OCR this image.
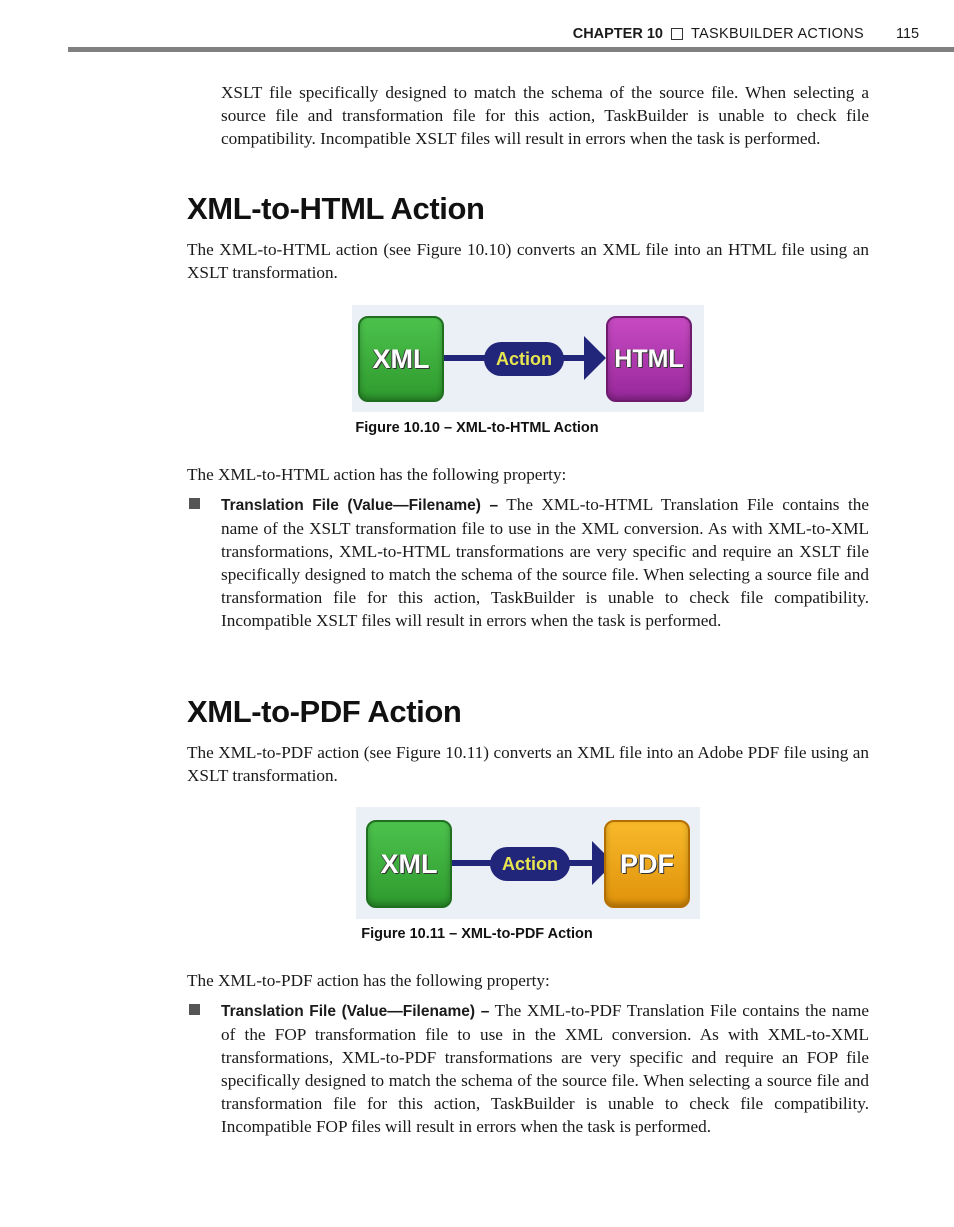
CHAPTER 10 TASKBUILDER ACTIONS 115

XSLT file specifically designed to match the schema of the source file. When selecting a source file and transformation file for this action, TaskBuilder is unable to check file compatibility. Incompatible XSLT files will result in errors when the task is performed.

XML-to-HTML Action

The XML-to-HTML action (see Figure 10.10) converts an XML file into an HTML file using an XSLT transformation.

XML	Action HTML
Figure 10.10 – XML-to-HTML Action

The XML-to-HTML action has the following property:

Translation File (Value—Filename) – The XML-to-HTML Translation File contains the name of the XSLT transformation file to use in the XML conversion. As with XML-to-XML transformations, XML-to-HTML transformations are very specific and require an XSLT file specifically designed to match the schema of the source file. When selecting a source file and transformation file for this action, TaskBuilder is unable to check file compatibility. Incompatible XSLT files will result in errors when the task is performed.

XML-to-PDF Action

The XML-to-PDF action (see Figure 10.11) converts an XML file into an Adobe PDF file using an XSLT transformation.

XML	Action PDF
Figure 10.11 – XML-to-PDF Action

The XML-to-PDF action has the following property:

Translation File (Value—Filename) – The XML-to-PDF Translation File contains the name of the FOP transformation file to use in the XML conversion. As with XML-to-XML transformations, XML-to-PDF transformations are very specific and require an FOP file specifically designed to match the schema of the source file. When selecting a source file and transformation file for this action, TaskBuilder is unable to check file compatibility. Incompatible FOP files will result in errors when the task is performed.
